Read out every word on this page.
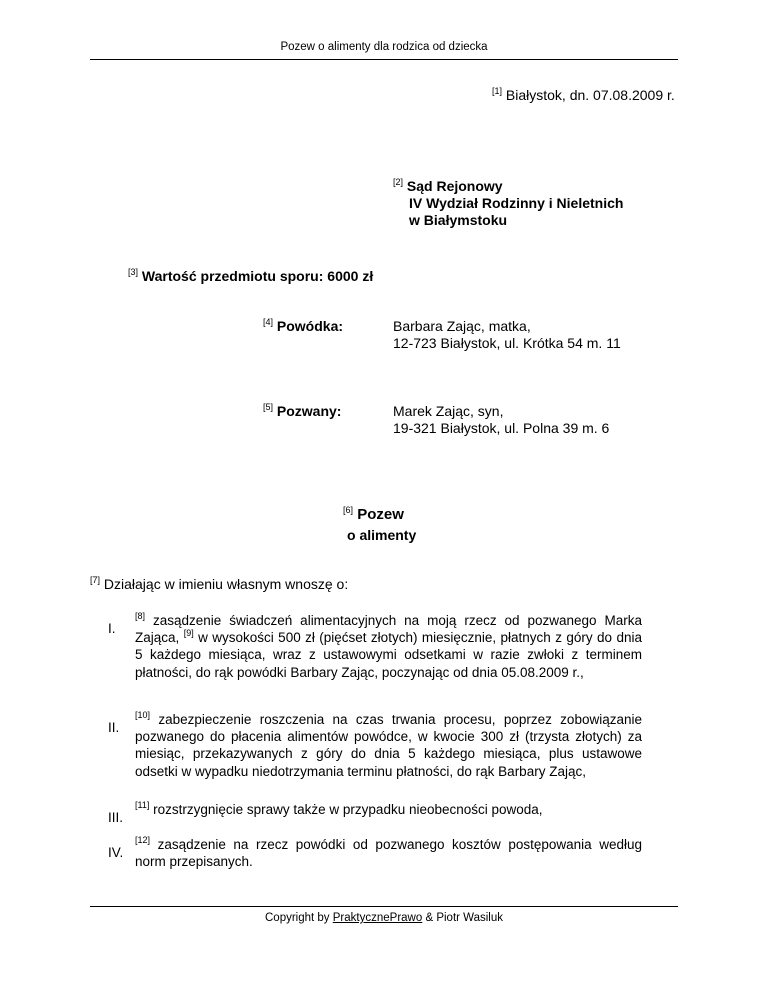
Pozew o alimenty dla rodzica od dziecka
[1] Białystok, dn. 07.08.2009 r.
[2] Sąd Rejonowy
IV Wydział Rodzinny i Nieletnich
w Białymstoku
[3] Wartość przedmiotu sporu: 6000 zł
[4] Powódka:	Barbara Zając, matka,
12-723 Białystok, ul. Krótka 54 m. 11
[5] Pozwany:	Marek Zając, syn,
19-321 Białystok, ul. Polna 39 m. 6
[6] Pozew
o alimenty
[7] Działając w imieniu własnym wnoszę o:
I.
[8] zasądzenie świadczeń alimentacyjnych na moją rzecz od pozwanego Marka Zająca, [9] w wysokości 500 zł (pięćset złotych) miesięcznie, płatnych z góry do dnia 5 każdego miesiąca, wraz z ustawowymi odsetkami w razie zwłoki z terminem płatności, do rąk powódki Barbary Zając, poczynając od dnia 05.08.2009 r.,
II.
[10] zabezpieczenie roszczenia na czas trwania procesu, poprzez zobowiązanie pozwanego do płacenia alimentów powódce, w kwocie 300 zł (trzysta złotych) za miesiąc, przekazywanych z góry do dnia 5 każdego miesiąca, plus ustawowe odsetki w wypadku niedotrzymania terminu płatności, do rąk Barbary Zając,
III.
[11] rozstrzygnięcie sprawy także w przypadku nieobecności powoda,
IV.
[12] zasądzenie na rzecz powódki od pozwanego kosztów postępowania według norm przepisanych.
Copyright by PraktycznePrawo & Piotr Wasiluk
